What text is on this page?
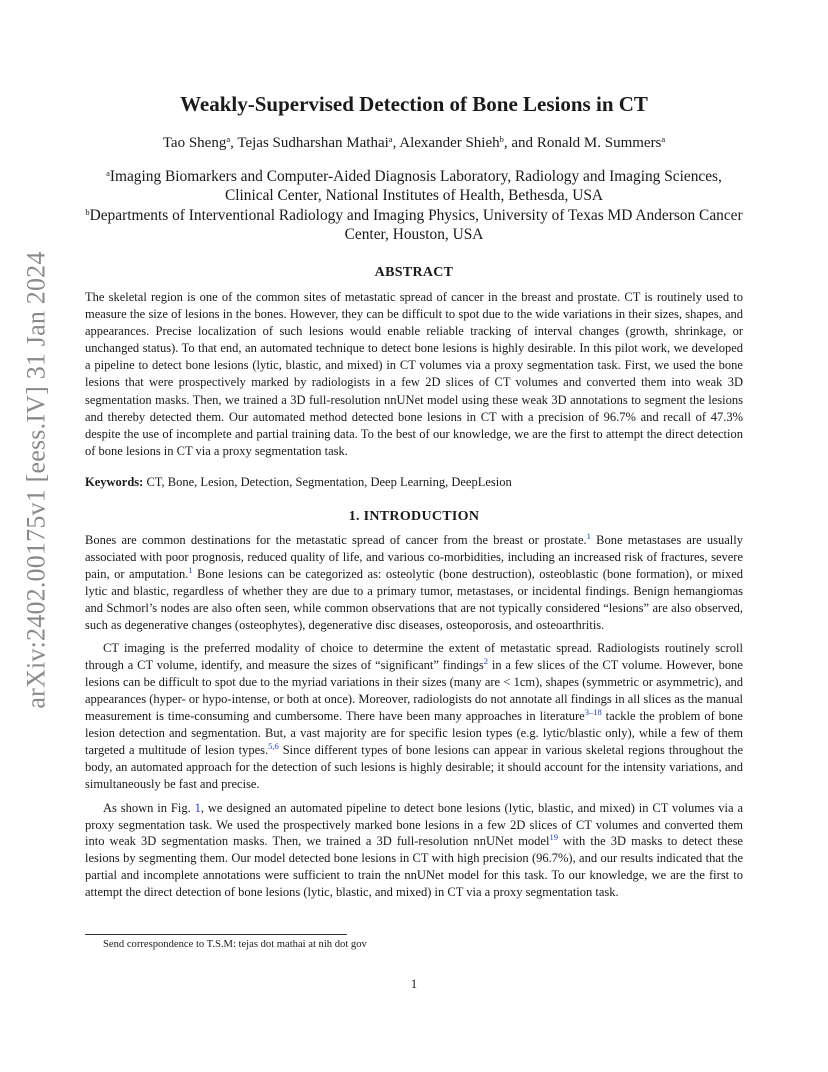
arXiv:2402.00175v1 [eess.IV] 31 Jan 2024
Weakly-Supervised Detection of Bone Lesions in CT
Tao Sheng$^a$, Tejas Sudharshan Mathai$^a$, Alexander Shieh$^b$, and Ronald M. Summers$^a$

$^a$Imaging Biomarkers and Computer-Aided Diagnosis Laboratory, Radiology and Imaging Sciences, Clinical Center, National Institutes of Health, Bethesda, USA

$^b$Departments of Interventional Radiology and Imaging Physics, University of Texas MD Anderson Cancer Center, Houston, USA

ABSTRACT

The skeletal region is one of the common sites of metastatic spread of cancer in the breast and prostate. CT is routinely used to measure the size of lesions in the bones. However, they can be difficult to spot due to the wide variations in their sizes, shapes, and appearances. Precise localization of such lesions would enable reliable tracking of interval changes (growth, shrinkage, or unchanged status). To that end, an automated technique to detect bone lesions is highly desirable. In this pilot work, we developed a pipeline to detect bone lesions (lytic, blastic, and mixed) in CT volumes via a proxy segmentation task. First, we used the bone lesions that were prospectively marked by radiologists in a few 2D slices of CT volumes and converted them into weak 3D segmentation masks. Then, we trained a 3D full-resolution nnUNet model using these weak 3D annotations to segment the lesions and thereby detected them. Our automated method detected bone lesions in CT with a precision of 96.7% and recall of 47.3% despite the use of incomplete and partial training data. To the best of our knowledge, we are the first to attempt the direct detection of bone lesions in CT via a proxy segmentation task.

Keywords: CT, Bone, Lesion, Detection, Segmentation, Deep Learning, DeepLesion

1. INTRODUCTION

Bones are common destinations for the metastatic spread of cancer from the breast or prostate.$^1$ Bone metastases are usually associated with poor prognosis, reduced quality of life, and various co-morbidities, including an increased risk of fractures, severe pain, or amputation.$^1$ Bone lesions can be categorized as: osteolytic (bone destruction), osteoblastic (bone formation), or mixed lytic and blastic, regardless of whether they are due to a primary tumor, metastases, or incidental findings. Benign hemangiomas and Schmorl’s nodes are also often seen, while common observations that are not typically considered “lesions” are also observed, such as degenerative changes (osteophytes), degenerative disc diseases, osteoporosis, and osteoarthritis.

CT imaging is the preferred modality of choice to determine the extent of metastatic spread. Radiologists routinely scroll through a CT volume, identify, and measure the sizes of “significant” findings$^2$ in a few slices of the CT volume. However, bone lesions can be difficult to spot due to the myriad variations in their sizes (many are < 1cm), shapes (symmetric or asymmetric), and appearances (hyper- or hypo-intense, or both at once). Moreover, radiologists do not annotate all findings in all slices as the manual measurement is time-consuming and cumbersome. There have been many approaches in literature$^{3-18}$ tackle the problem of bone lesion detection and segmentation. But, a vast majority are for specific lesion types (e.g. lytic/blastic only), while a few of them targeted a multitude of lesion types.$^{5,6}$ Since different types of bone lesions can appear in various skeletal regions throughout the body, an automated approach for the detection of such lesions is highly desirable; it should account for the intensity variations, and simultaneously be fast and precise.

As shown in Fig. 1, we designed an automated pipeline to detect bone lesions (lytic, blastic, and mixed) in CT volumes via a proxy segmentation task. We used the prospectively marked bone lesions in a few 2D slices of CT volumes and converted them into weak 3D segmentation masks. Then, we trained a 3D full-resolution nnUNet model$^{19}$ with the 3D masks to detect these lesions by segmenting them. Our model detected bone lesions in CT with high precision (96.7%), and our results indicated that the partial and incomplete annotations were sufficient to train the nnUNet model for this task. To our knowledge, we are the first to attempt the direct detection of bone lesions (lytic, blastic, and mixed) in CT via a proxy segmentation task.

Send correspondence to T.S.M: tejas dot mathai at nih dot gov

1
